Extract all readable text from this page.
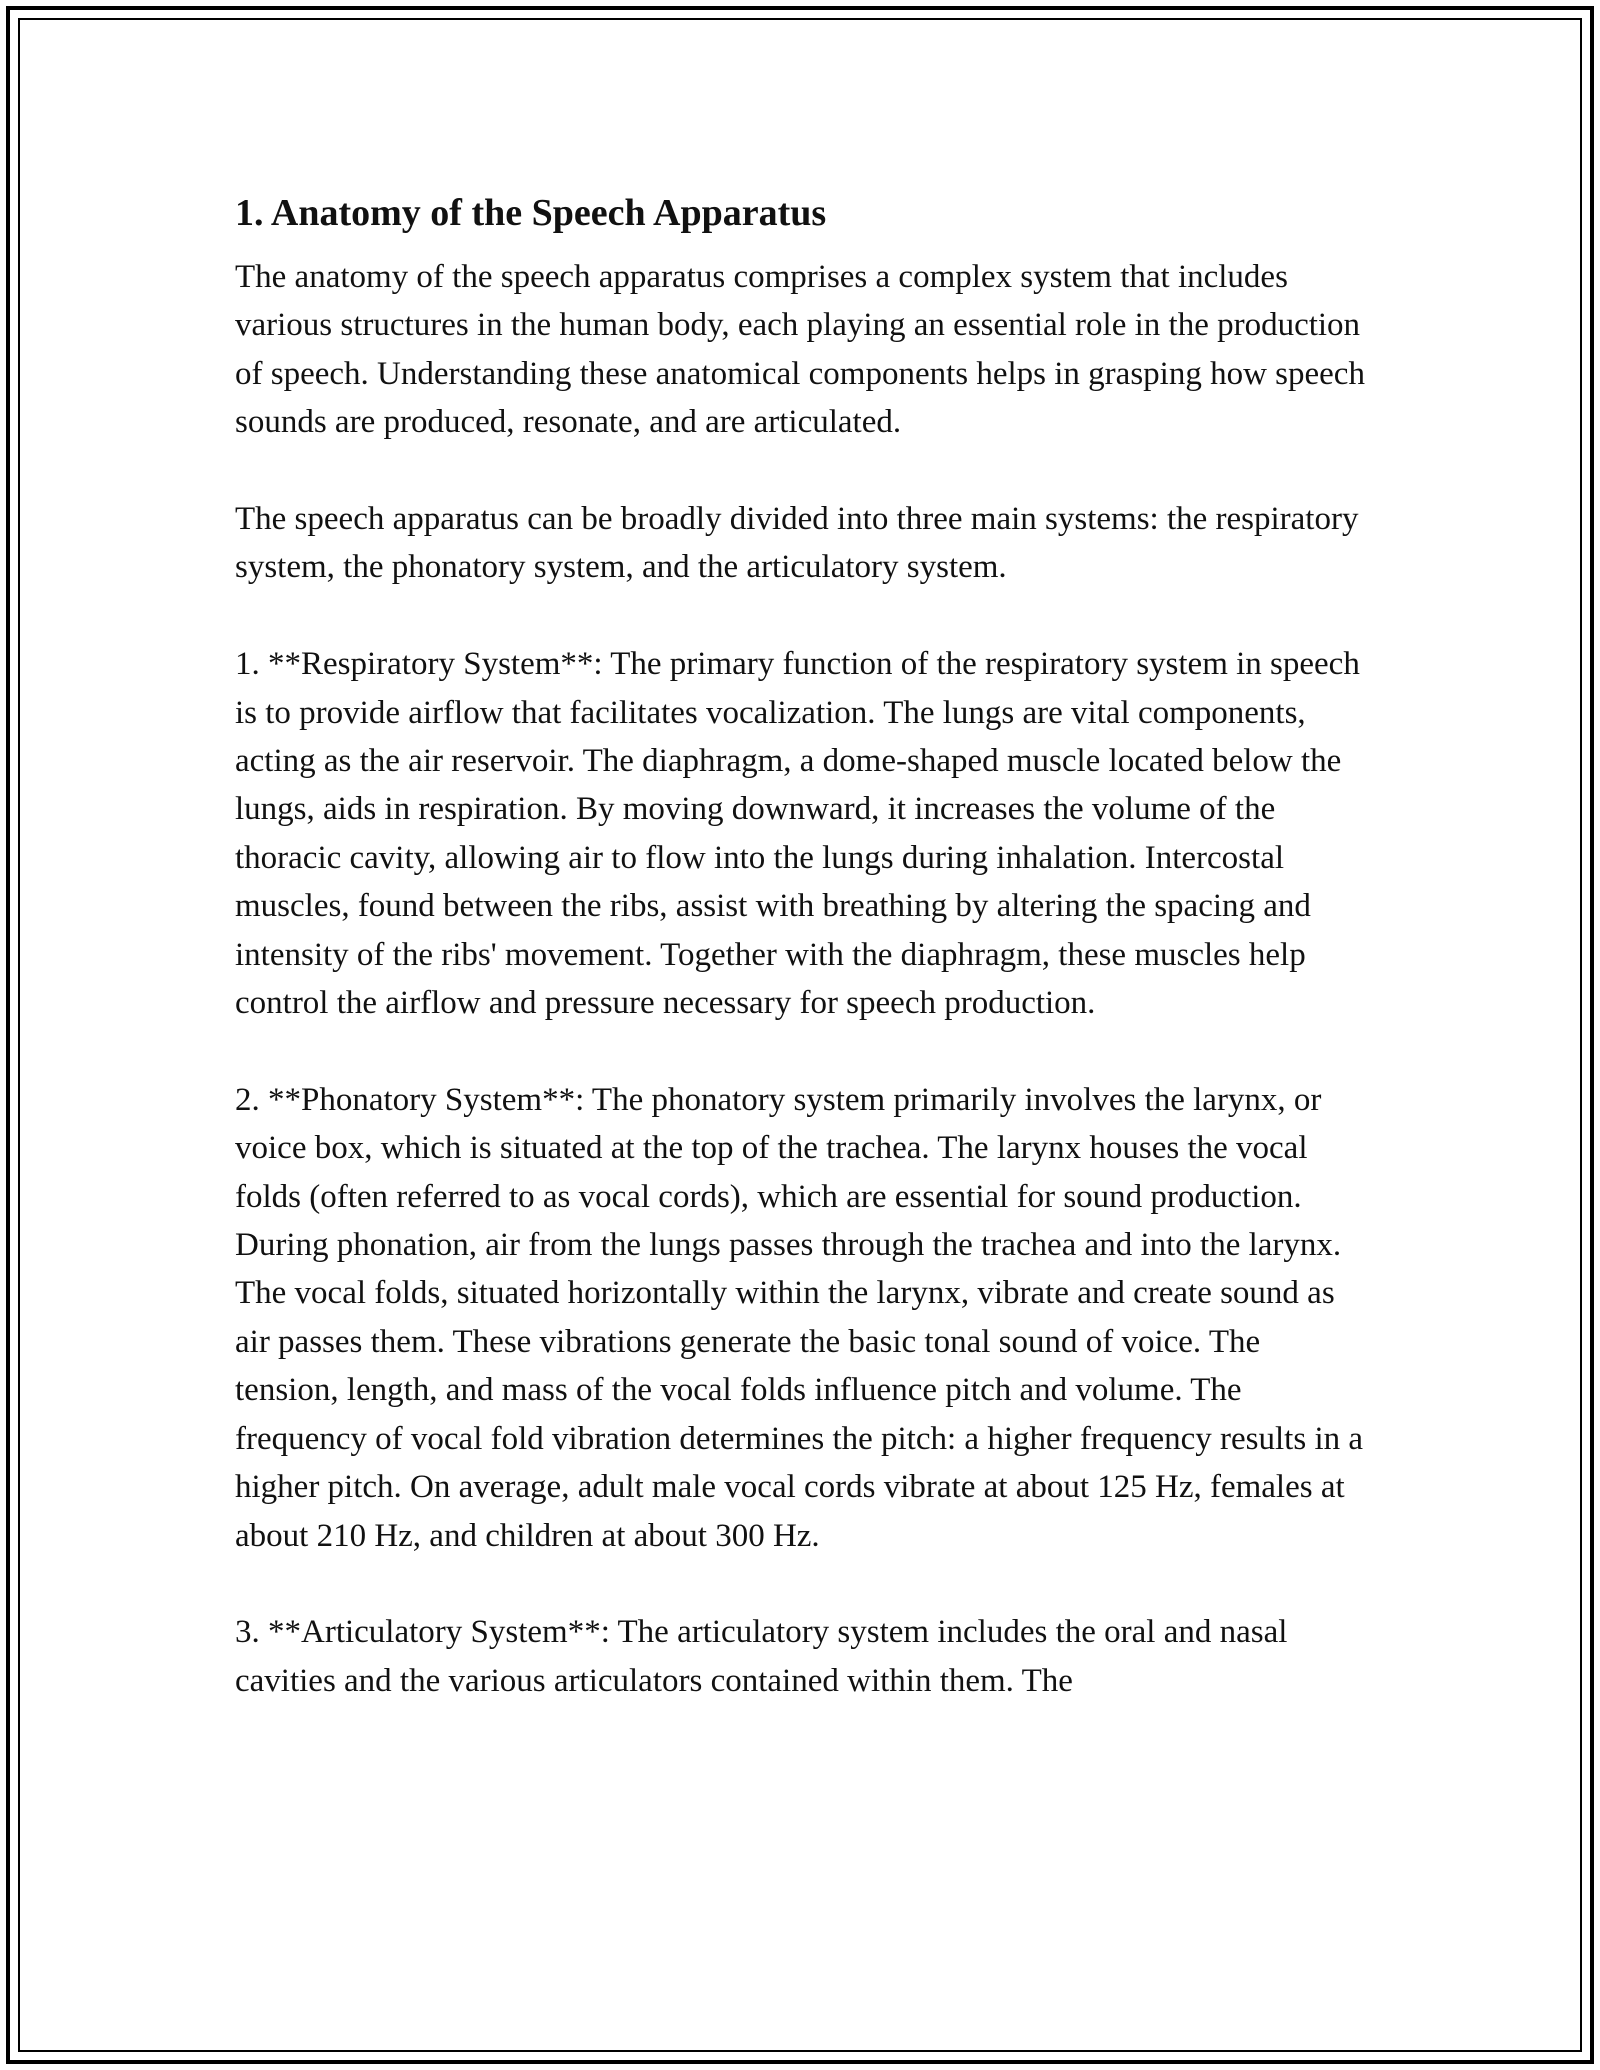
1. Anatomy of the Speech Apparatus

The anatomy of the speech apparatus comprises a complex system that includes various structures in the human body, each playing an essential role in the production of speech. Understanding these anatomical components helps in grasping how speech sounds are produced, resonate, and are articulated.

The speech apparatus can be broadly divided into three main systems: the respiratory system, the phonatory system, and the articulatory system.

1. **Respiratory System**: The primary function of the respiratory system in speech is to provide airflow that facilitates vocalization. The lungs are vital components, acting as the air reservoir. The diaphragm, a dome-shaped muscle located below the lungs, aids in respiration. By moving downward, it increases the volume of the thoracic cavity, allowing air to flow into the lungs during inhalation. Intercostal muscles, found between the ribs, assist with breathing by altering the spacing and intensity of the ribs' movement. Together with the diaphragm, these muscles help control the airflow and pressure necessary for speech production.

2. **Phonatory System**: The phonatory system primarily involves the larynx, or voice box, which is situated at the top of the trachea. The larynx houses the vocal folds (often referred to as vocal cords), which are essential for sound production. During phonation, air from the lungs passes through the trachea and into the larynx. The vocal folds, situated horizontally within the larynx, vibrate and create sound as air passes them. These vibrations generate the basic tonal sound of voice. The tension, length, and mass of the vocal folds influence pitch and volume. The frequency of vocal fold vibration determines the pitch: a higher frequency results in a higher pitch. On average, adult male vocal cords vibrate at about 125 Hz, females at about 210 Hz, and children at about 300 Hz.

3. **Articulatory System**: The articulatory system includes the oral and nasal cavities and the various articulators contained within them. The
